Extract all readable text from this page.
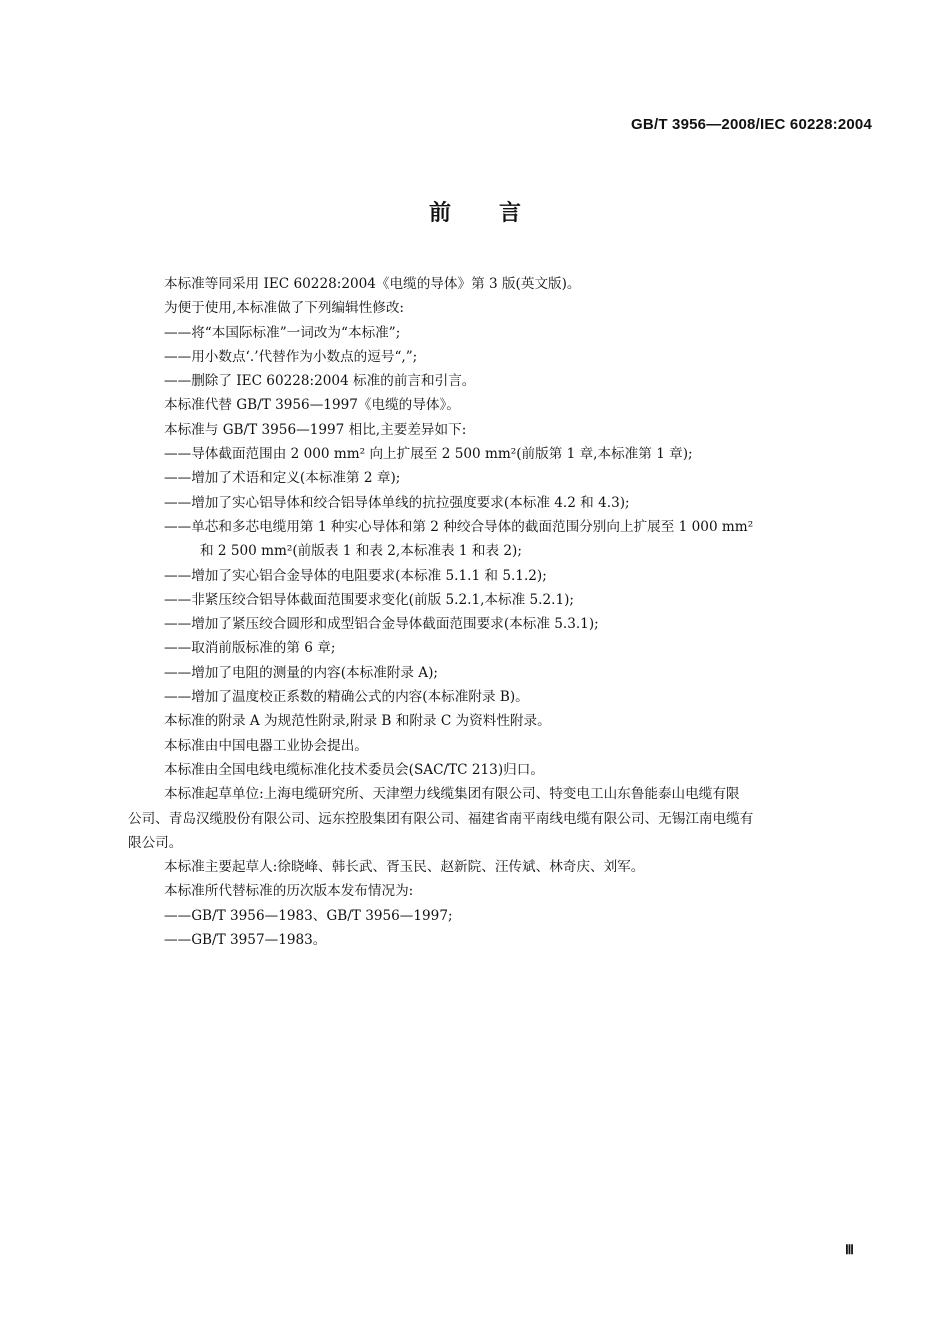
GB/T 3956—2008/IEC 60228:2004
前言

本标准等同采用 IEC 60228:2004《电缆的导体》第 3 版(英文版)。

为便于使用,本标准做了下列编辑性修改:

——将“本国际标准”一词改为“本标准”;

——用小数点‘.’代替作为小数点的逗号“,”;

——删除了 IEC 60228:2004 标准的前言和引言。

本标准代替 GB/T 3956—1997《电缆的导体》。

本标准与 GB/T 3956—1997 相比,主要差异如下:

——导体截面范围由 2 000 mm² 向上扩展至 2 500 mm²(前版第 1 章,本标准第 1 章);

——增加了术语和定义(本标准第 2 章);

——增加了实心铝导体和绞合铝导体单线的抗拉强度要求(本标准 4.2 和 4.3);

——单芯和多芯电缆用第 1 种实心导体和第 2 种绞合导体的截面范围分别向上扩展至 1 000 mm²

和 2 500 mm²(前版表 1 和表 2,本标准表 1 和表 2);

——增加了实心铝合金导体的电阻要求(本标准 5.1.1 和 5.1.2);

——非紧压绞合铝导体截面范围要求变化(前版 5.2.1,本标准 5.2.1);

——增加了紧压绞合圆形和成型铝合金导体截面范围要求(本标准 5.3.1);

——取消前版标准的第 6 章;

——增加了电阻的测量的内容(本标准附录 A);

——增加了温度校正系数的精确公式的内容(本标准附录 B)。

本标准的附录 A 为规范性附录,附录 B 和附录 C 为资料性附录。

本标准由中国电器工业协会提出。

本标准由全国电线电缆标准化技术委员会(SAC/TC 213)归口。

本标准起草单位:上海电缆研究所、天津塑力线缆集团有限公司、特变电工山东鲁能泰山电缆有限

公司、青岛汉缆股份有限公司、远东控股集团有限公司、福建省南平南线电缆有限公司、无锡江南电缆有

限公司。

本标准主要起草人:徐晓峰、韩长武、胥玉民、赵新院、汪传斌、林奇庆、刘军。

本标准所代替标准的历次版本发布情况为:

——GB/T 3956—1983、GB/T 3956—1997;

——GB/T 3957—1983。

Ⅲ
